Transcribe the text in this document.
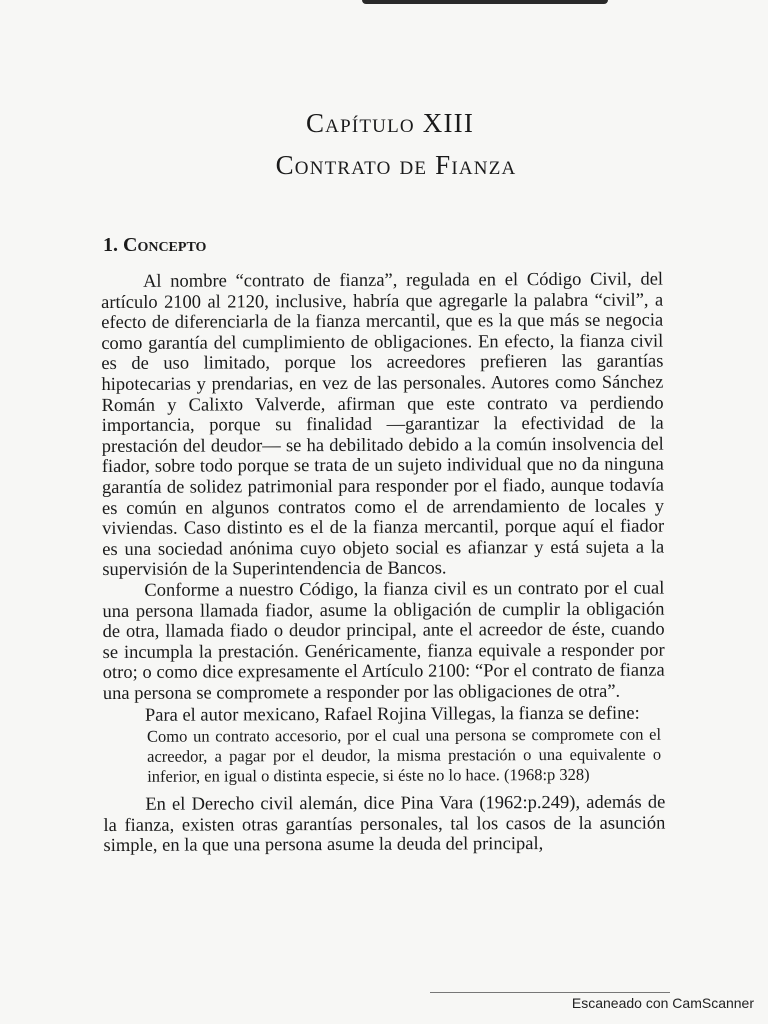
Capítulo XIII
Contrato de Fianza
1. Concepto

Al nombre “contrato de fianza”, regulada en el Código Civil, del artículo 2100 al 2120, inclusive, habría que agregarle la palabra “civil”, a efecto de diferenciarla de la fianza mercantil, que es la que más se negocia como garantía del cumplimiento de obligaciones. En efecto, la fianza civil es de uso limitado, porque los acreedores prefieren las garantías hipotecarias y prendarias, en vez de las personales. Autores como Sánchez Román y Calixto Valverde, afirman que este contrato va perdiendo importancia, porque su finalidad —garantizar la efectividad de la prestación del deudor— se ha debilitado debido a la común insolvencia del fiador, sobre todo porque se trata de un sujeto individual que no da ninguna garantía de solidez patrimonial para responder por el fiado, aunque todavía es común en algunos contratos como el de arrendamiento de locales y viviendas. Caso distinto es el de la fianza mercantil, porque aquí el fiador es una sociedad anónima cuyo objeto social es afianzar y está sujeta a la supervisión de la Superintendencia de Bancos.

Conforme a nuestro Código, la fianza civil es un contrato por el cual una persona llamada fiador, asume la obligación de cumplir la obligación de otra, llamada fiado o deudor principal, ante el acreedor de éste, cuando se incumpla la prestación. Genéricamente, fianza equivale a responder por otro; o como dice expresamente el Artículo 2100: “Por el contrato de fianza una persona se compromete a responder por las obligaciones de otra”.

Para el autor mexicano, Rafael Rojina Villegas, la fianza se define:

Como un contrato accesorio, por el cual una persona se compromete con el acreedor, a pagar por el deudor, la misma prestación o una equivalente o inferior, en igual o distinta especie, si éste no lo hace. (1968:p 328)

En el Derecho civil alemán, dice Pina Vara (1962:p.249), además de la fianza, existen otras garantías personales, tal los casos de la asunción simple, en la que una persona asume la deuda del principal,

Escaneado con CamScanner
